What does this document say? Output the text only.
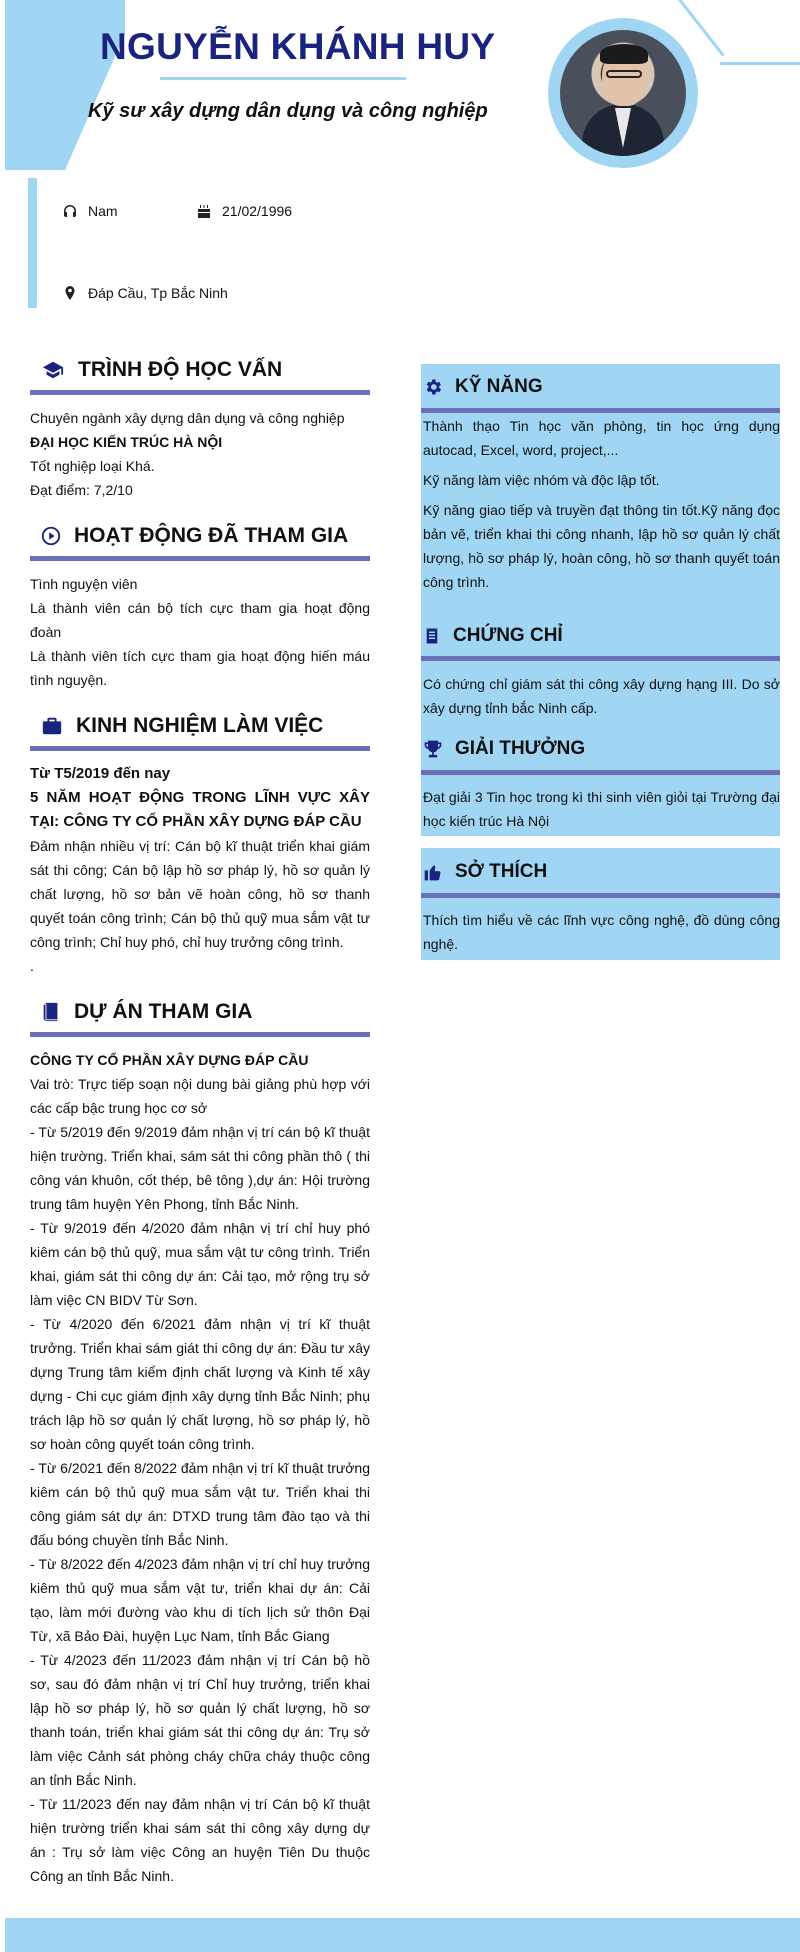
NGUYỄN KHÁNH HUY
Kỹ sư xây dựng dân dụng và công nghiệp
Nam	21/02/1996
Đáp Cầu, Tp Bắc Ninh
TRÌNH ĐỘ HỌC VẤN

Chuyên ngành xây dựng dân dụng và công nghiệp

ĐẠI HỌC KIẾN TRÚC HÀ NỘI

Tốt nghiệp loại Khá.

Đạt điểm: 7,2/10

HOẠT ĐỘNG ĐÃ THAM GIA

Tình nguyện viên

Là thành viên cán bộ tích cực tham gia hoạt động đoàn

Là thành viên tích cực tham gia hoạt động hiến máu tình nguyện.

KINH NGHIỆM LÀM VIỆC

Từ T5/2019 đến nay

5 NĂM HOẠT ĐỘNG TRONG LĨNH VỰC XÂY TẠI: CÔNG TY CỔ PHẦN XÂY DỰNG ĐÁP CẦU

Đảm nhận nhiều vị trí: Cán bộ kĩ thuật triển khai giám sát thi công; Cán bộ lập hồ sơ pháp lý, hồ sơ quản lý chất lượng, hồ sơ bản vẽ hoàn công, hồ sơ thanh quyết toán công trình; Cán bộ thủ quỹ mua sắm vật tư công trình; Chỉ huy phó, chỉ huy trưởng công trình.

.

DỰ ÁN THAM GIA

CÔNG TY CỔ PHẦN XÂY DỰNG ĐÁP CẦU

Vai trò: Trực tiếp soạn nội dung bài giảng phù hợp với các cấp bậc trung học cơ sở

- Từ 5/2019 đến 9/2019 đảm nhận vị trí cán bộ kĩ thuật hiện trường. Triển khai, sám sát thi công phần thô ( thi công ván khuôn, cốt thép, bê tông ),dự án: Hội trường trung tâm huyện Yên Phong, tỉnh Bắc Ninh.

- Từ 9/2019 đến 4/2020 đảm nhận vị trí chỉ huy phó kiêm cán bộ thủ quỹ, mua sắm vật tư công trình. Triển khai, giám sát thi công dự án: Cải tạo, mở rộng trụ sở làm việc CN BIDV Từ Sơn.

- Từ 4/2020 đến 6/2021 đảm nhận vị trí kĩ thuật trưởng. Triển khai sám giát thi công dự án: Đầu tư xây dựng Trung tâm kiểm định chất lượng và Kinh tế xây dựng - Chi cục giám định xây dựng tỉnh Bắc Ninh; phụ trách lập hồ sơ quản lý chất lượng, hồ sơ pháp lý, hồ sơ hoàn công quyết toán công trình.

- Từ 6/2021 đến 8/2022 đảm nhận vị trí kĩ thuật trưởng kiêm cán bộ thủ quỹ mua sắm vật tư. Triển khai thi công giám sát dự án: DTXD trung tâm đào tạo và thi đấu bóng chuyền tỉnh Bắc Ninh.

- Từ 8/2022 đến 4/2023 đảm nhận vị trí chỉ huy trưởng kiêm thủ quỹ mua sắm vật tư, triển khai dự án: Cải tạo, làm mới đường vào khu di tích lịch sử thôn Đại Từ, xã Bảo Đài, huyện Lục Nam, tỉnh Bắc Giang

- Từ 4/2023 đến 11/2023 đảm nhận vị trí Cán bộ hồ sơ, sau đó đảm nhận vị trí Chỉ huy trưởng, triển khai lập hồ sơ pháp lý, hồ sơ quản lý chất lượng, hồ sơ thanh toán, triển khai giám sát thi công dự án: Trụ sở làm việc Cảnh sát phòng cháy chữa cháy thuộc công an tỉnh Bắc Ninh.

- Từ 11/2023 đến nay đảm nhận vị trí Cán bộ kĩ thuật hiện trường triển khai sám sát thi công xây dựng dự án : Trụ sở làm việc Công an huyện Tiên Du thuộc Công an tỉnh Bắc Ninh.

KỸ NĂNG

Thành thạo Tin học văn phòng, tin học ứng dụng autocad, Excel, word, project,...

Kỹ năng làm việc nhóm và độc lập tốt.

Kỹ năng giao tiếp và truyền đạt thông tin tốt.Kỹ năng đọc bản vẽ, triển khai thi công nhanh, lập hồ sơ quản lý chất lượng, hồ sơ pháp lý, hoàn công, hồ sơ thanh quyết toán công trình.

CHỨNG CHỈ
Có chứng chỉ giám sát thi công xây dựng hạng III. Do sở xây dựng tỉnh bắc Ninh cấp.
GIẢI THƯỞNG
Đạt giải 3 Tin học trong kì thi sinh viên giỏi tại Trường đại học kiến trúc Hà Nội
SỞ THÍCH
Thích tìm hiểu về các lĩnh vực công nghệ, đồ dùng công nghệ.
